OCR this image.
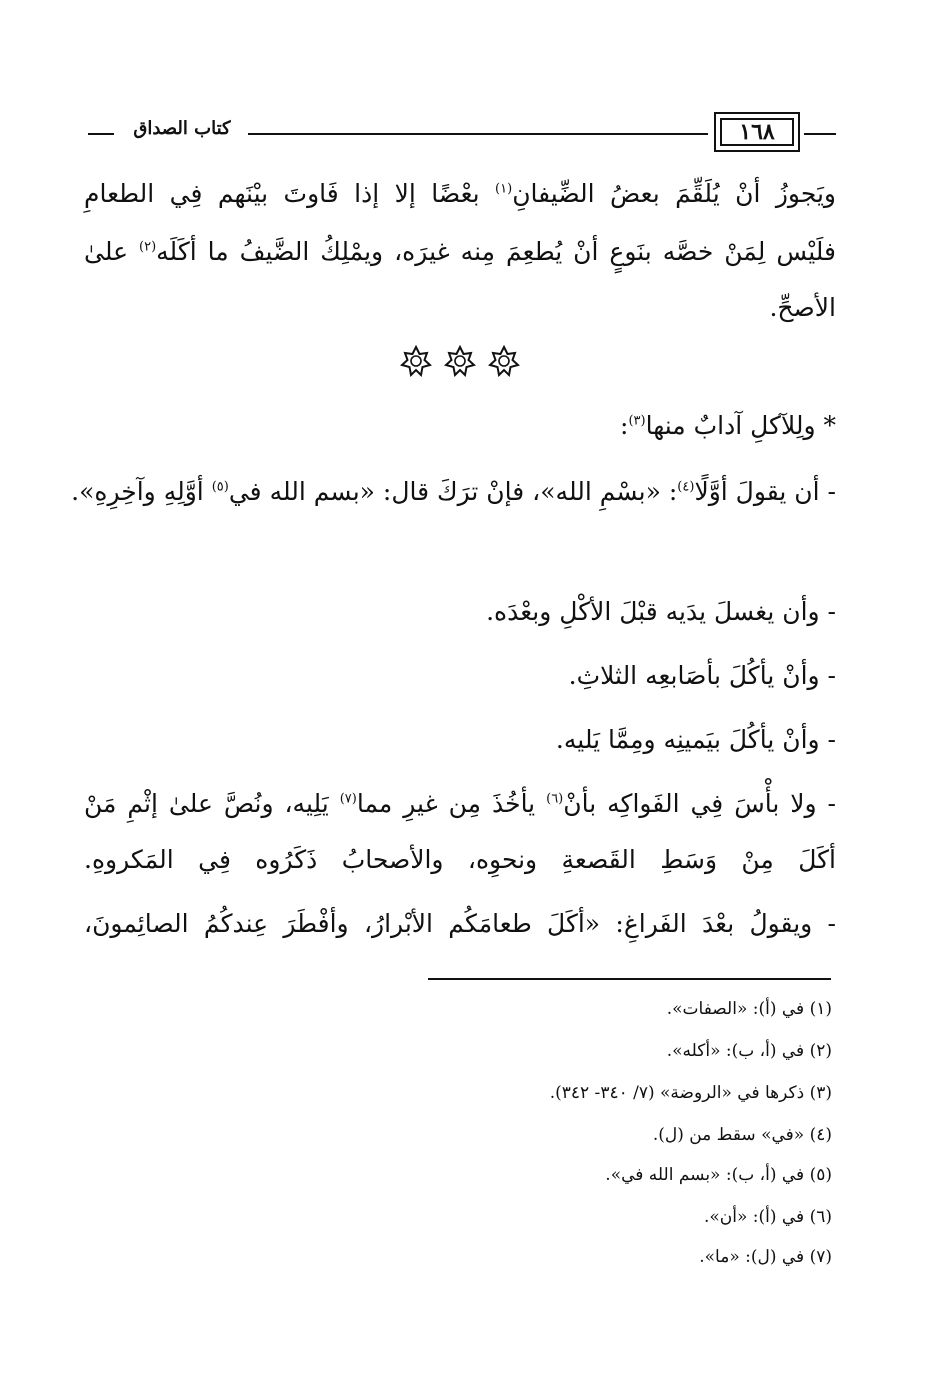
١٦٨
كتاب الصداق
ويَجوزُ أنْ يُلَقِّمَ بعضُ الضِّيفانِ$^{(١)}$ بعْضًا إلا إذا فَاوتَ بيْنَهم فِي الطعامِ
فلَيْس لِمَنْ خصَّه بنَوعٍ أنْ يُطعِمَ مِنه غيرَه، ويمْلِكُ الضَّيفُ ما أكَلَه$^{(٢)}$ علىٰ
الأصحِّ.
* ولِلآكلِ آدابٌ منها$^{(٣)}$:
- أن يقولَ أوَّلًا$^{(٤)}$: «بسْمِ الله»، فإنْ ترَكَ قال: «بسم الله في$^{(٥)}$ أوَّلِهِ وآخِرِهِ».
- وأن يغسلَ يدَيه قبْلَ الأكْلِ وبعْدَه.
- وأنْ يأكُلَ بأصَابعِه الثلاثِ.
- وأنْ يأكُلَ بيَمينِه ومِمَّا يَليه.
- ولا بأْسَ فِي الفَواكِه بأنْ$^{(٦)}$ يأخُذَ مِن غيرِ مما$^{(٧)}$ يَلِيه، ونُصَّ علىٰ إثْمِ مَنْ
أكَلَ مِنْ وَسَطِ القَصعةِ ونحوِه، والأصحابُ ذَكَرُوه فِي المَكروهِ.
- ويقولُ بعْدَ الفَراغِ: «أكَلَ طعامَكُم الأبْرارُ، وأفْطَرَ عِندكُمُ الصائِمونَ،
(١) في (أ): «الصفات».
(٢) في (أ، ب): «أكله».
(٣) ذكرها في «الروضة» (٧/ ٣٤٠- ٣٤٢).
(٤) «في» سقط من (ل).
(٥) في (أ، ب): «بسم الله في».
(٦) في (أ): «أن».
(٧) في (ل): «ما».
